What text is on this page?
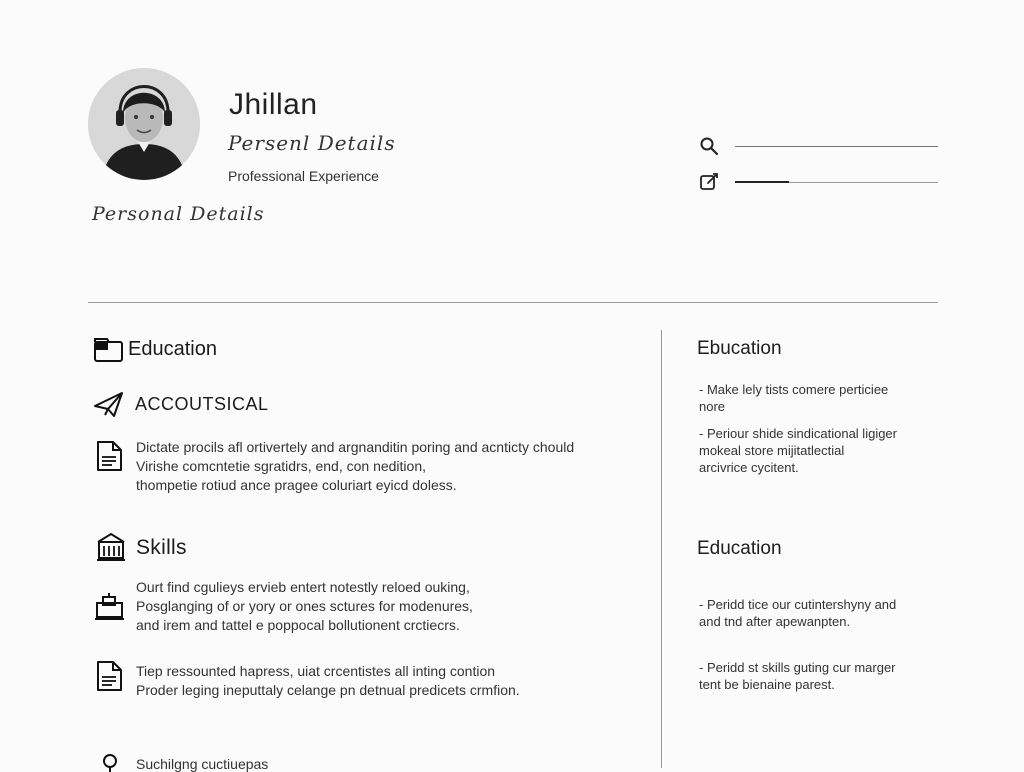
Jhillan
Persenl Details
Professional Experience
Personal Details
Education
ACCOUTSICAL
Dictate procils afl ortivertely and argnanditin poring and acnticty chould
Virishe comcntetie sgratidrs, end, con nedition,
thompetie rotiud ance pragee coluriart eyicd doless.
Skills
Ourt find cgulieys ervieb entert notestly reloed ouking,
Posglanging of or yory or ones sctures for modenures,
and irem and tattel e poppocal bollutionent crctiecrs.
Tiep ressounted hapress, uiat crcentistes all inting contion
Proder leging ineputtaly celange pn detnual predicets crmfion.
Suchilgng cuctiuepas
Ebucation
- Make lely tists comere perticiee
nore
- Periour shide sindicational ligiger
mokeal store mijitatlectial
arcivrice cycitent.
Education
- Peridd tice our cutintershyny and
and tnd after apewanpten.
- Peridd st skills guting cur marger
tent be bienaine parest.
